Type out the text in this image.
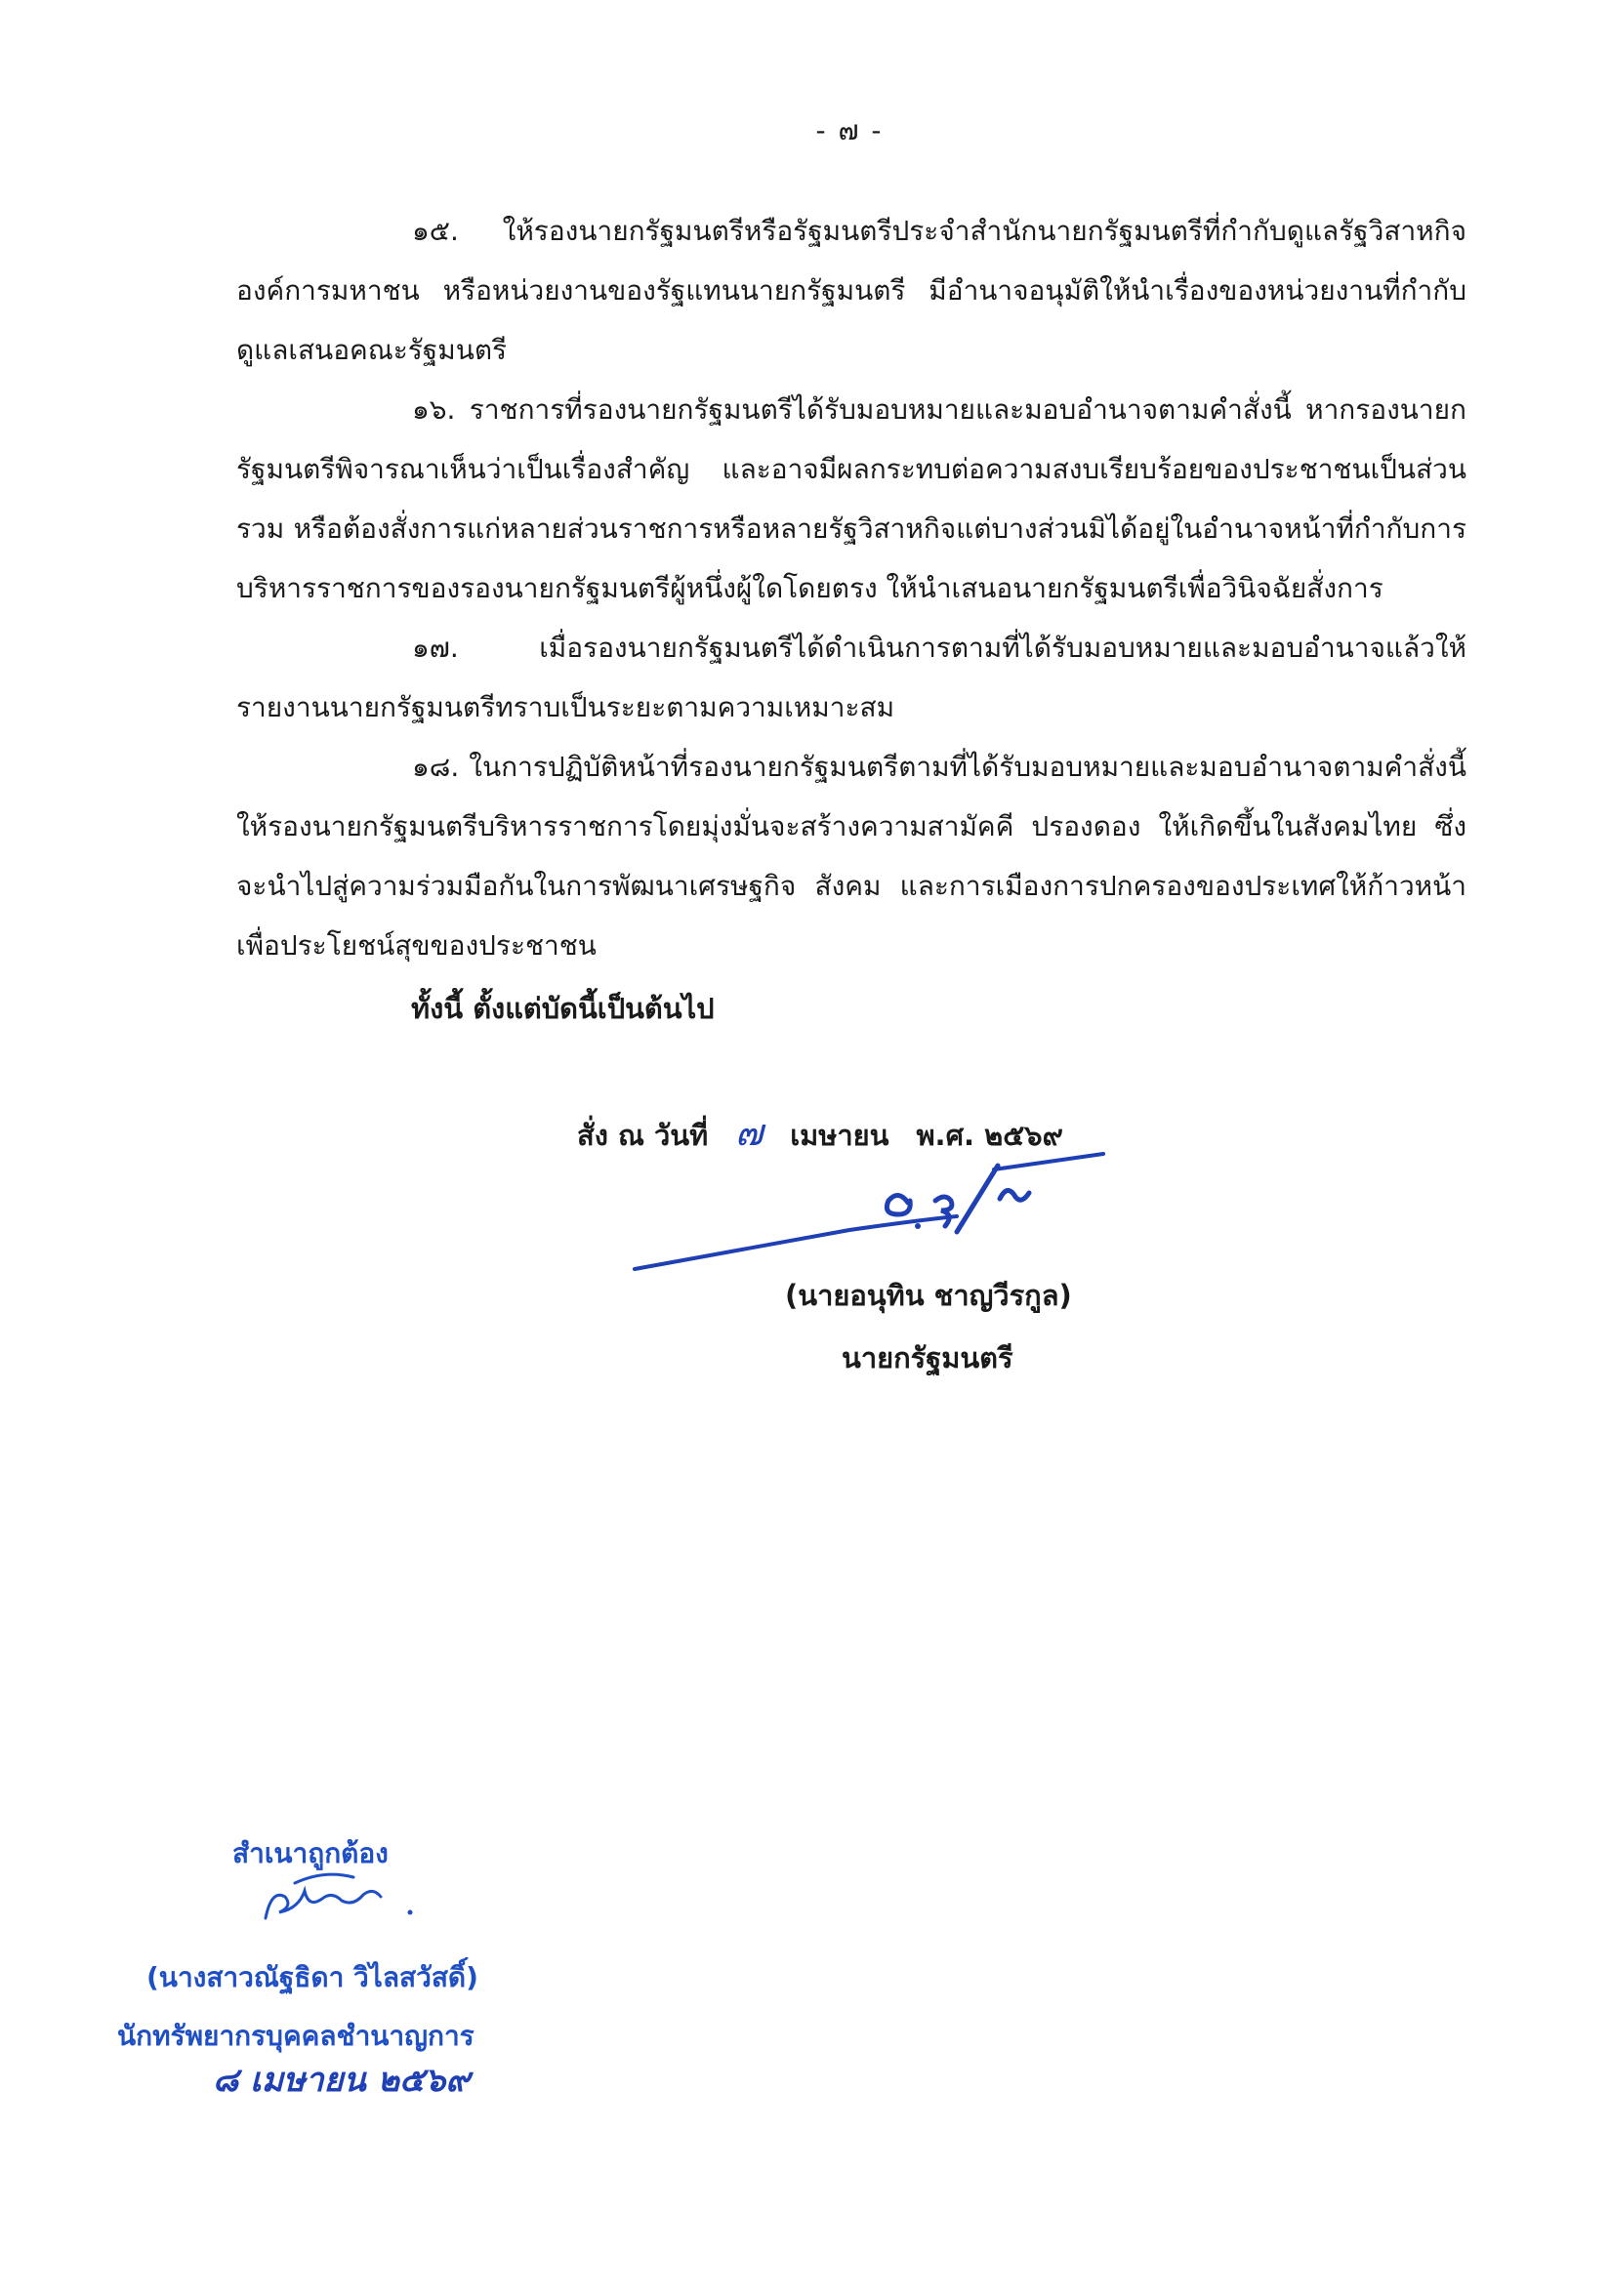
- ๗ -

๑๕. ให้รองนายกรัฐมนตรีหรือรัฐมนตรีประจำสำนักนายกรัฐมนตรีที่กำกับดูแลรัฐวิสาหกิจ องค์การมหาชน หรือหน่วยงานของรัฐแทนนายกรัฐมนตรี มีอำนาจอนุมัติให้นำเรื่องของหน่วยงานที่กำกับดูแลเสนอคณะรัฐมนตรี

๑๖. ราชการที่รองนายกรัฐมนตรีได้รับมอบหมายและมอบอำนาจตามคำสั่งนี้ หากรองนายกรัฐมนตรีพิจารณาเห็นว่าเป็นเรื่องสำคัญ และอาจมีผลกระทบต่อความสงบเรียบร้อยของประชาชนเป็นส่วนรวม หรือต้องสั่งการแก่หลายส่วนราชการหรือหลายรัฐวิสาหกิจแต่บางส่วนมิได้อยู่ในอำนาจหน้าที่กำกับการบริหารราชการของรองนายกรัฐมนตรีผู้หนึ่งผู้ใดโดยตรง ให้นำเสนอนายกรัฐมนตรีเพื่อวินิจฉัยสั่งการ

๑๗.	เมื่อรองนายกรัฐมนตรีได้ดำเนินการตามที่ได้รับมอบหมายและมอบอำนาจแล้วให้รายงานนายกรัฐมนตรีทราบเป็นระยะตามความเหมาะสม

๑๘. ในการปฏิบัติหน้าที่รองนายกรัฐมนตรีตามที่ได้รับมอบหมายและมอบอำนาจตามคำสั่งนี้ ให้รองนายกรัฐมนตรีบริหารราชการโดยมุ่งมั่นจะสร้างความสามัคคี ปรองดอง ให้เกิดขึ้นในสังคมไทย ซึ่งจะนำไปสู่ความร่วมมือกันในการพัฒนาเศรษฐกิจ สังคม และการเมืองการปกครองของประเทศให้ก้าวหน้าเพื่อประโยชน์สุขของประชาชน

ทั้งนี้ ตั้งแต่บัดนี้เป็นต้นไป
สั่ง ณ วันที่ ๗ เมษายน พ.ศ. ๒๕๖๙
(นายอนุทิน ชาญวีรกูล)
นายกรัฐมนตรี
สำเนาถูกต้อง
(นางสาวณัฐธิดา วิไลสวัสดิ์)
นักทรัพยากรบุคคลชำนาญการ
๘ เมษายน ๒๕๖๙
